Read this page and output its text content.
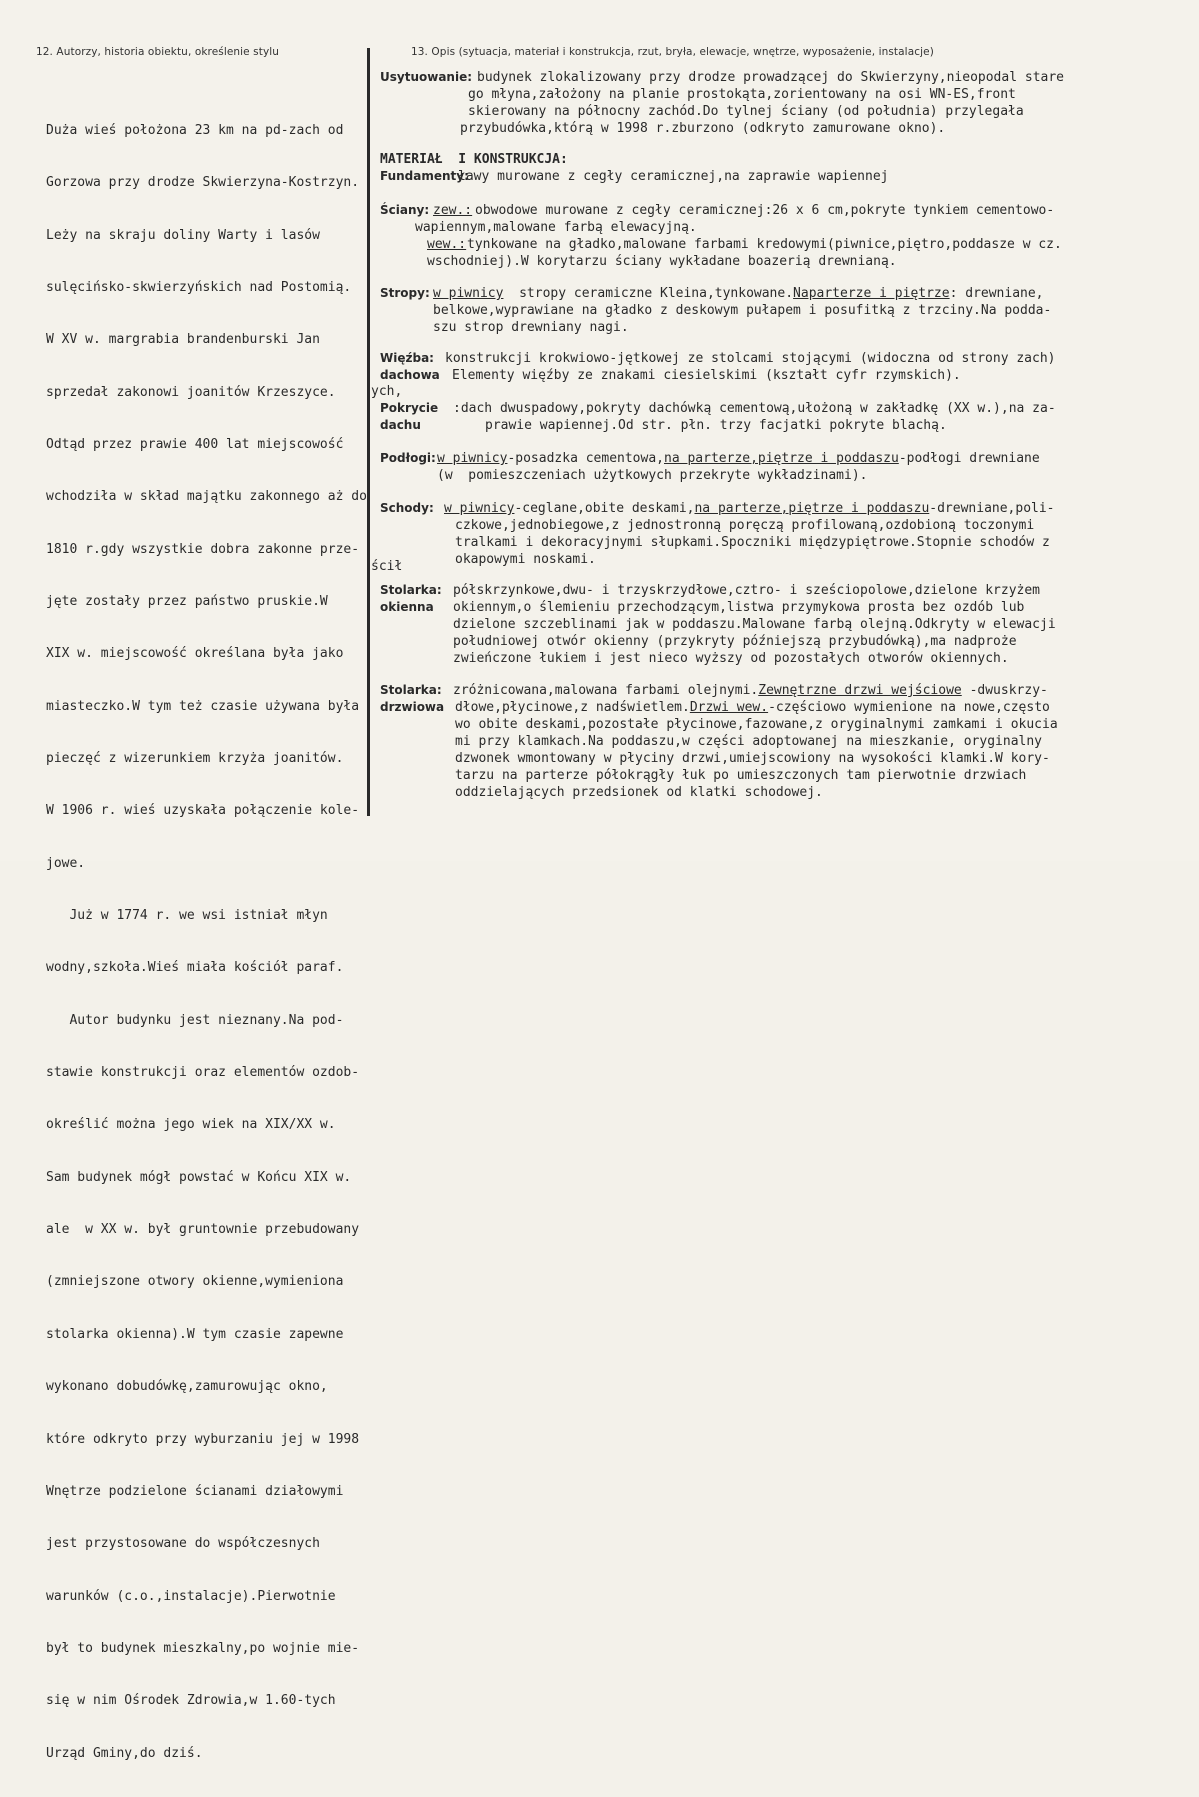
12. Autorzy, historia obiektu, określenie stylu	13. Opis (sytuacja, materiał i konstrukcja, rzut, bryła, elewacje, wnętrze, wyposażenie, instalacje)

Duża wieś położona 23 km na pd-zach od

Gorzowa przy drodze Skwierzyna-Kostrzyn.

Leży na skraju doliny Warty i lasów

sulęcińsko-skwierzyńskich nad Postomią.

W XV w. margrabia brandenburski Jan

sprzedał zakonowi joanitów Krzeszyce.

Odtąd przez prawie 400 lat miejscowość

wchodziła w skład majątku zakonnego aż do

1810 r.gdy wszystkie dobra zakonne prze-

jęte zostały przez państwo pruskie.W

XIX w. miejscowość określana była jako

miasteczko.W tym też czasie używana była

pieczęć z wizerunkiem krzyża joanitów.

W 1906 r. wieś uzyskała połączenie kole-

jowe.

Już w 1774 r. we wsi istniał młyn

wodny,szkoła.Wieś miała kościół paraf.

Autor budynku jest nieznany.Na pod-

stawie konstrukcji oraz elementów ozdob-

określić można jego wiek na XIX/XX w.

Sam budynek mógł powstać w Końcu XIX w.

ale  w XX w. był gruntownie przebudowany

(zmniejszone otwory okienne,wymieniona

stolarka okienna).W tym czasie zapewne

wykonano dobudówkę,zamurowując okno,

które odkryto przy wyburzaniu jej w 1998

Wnętrze podzielone ścianami działowymi

jest przystosowane do współczesnych

warunków (c.o.,instalacje).Pierwotnie

był to budynek mieszkalny,po wojnie mie-

się w nim Ośrodek Zdrowia,w 1.60-tych

Urząd Gminy,do dziś.

ych,
ścił
Usytuowanie: budynek zlokalizowany przy drodze prowadzącej do Skwierzyny,nieopodal stare
go młyna,założony na planie prostokąta,zorientowany na osi WN-ES,front
skierowany na północny zachód.Do tylnej ściany (od południa) przylegała
przybudówka,którą w 1998 r.zburzono (odkryto zamurowane okno).
MATERIAŁ  I KONSTRUKCJA:
Fundamenty:
ławy murowane z cegły ceramicznej,na zaprawie wapiennej
Ściany: zew.: obwodowe murowane z cegły ceramicznej:26 x 6 cm,pokryte tynkiem cementowo-
wapiennym,malowane farbą elewacyjną.
wew.: tynkowane na gładko,malowane farbami kredowymi(piwnice,piętro,poddasze w cz.
wschodniej).W korytarzu ściany wykładane boazerią drewnianą.
Stropy: w piwnicy  stropy ceramiczne Kleina,tynkowane.Naparterze i piętrze: drewniane,
belkowe,wyprawiane na gładko z deskowym pułapem i posufitką z trzciny.Na podda-
szu strop drewniany nagi.
Więźba:
dachowa
konstrukcji krokwiowo-jętkowej ze stolcami stojącymi (widoczna od strony zach)
Elementy więźby ze znakami ciesielskimi (kształt cyfr rzymskich).
Pokrycie
dachu
:dach dwuspadowy,pokryty dachówką cementową,ułożoną w zakładkę (XX w.),na za-
prawie wapiennej.Od str. płn. trzy facjatki pokryte blachą.
Podłogi: w piwnicy-posadzka cementowa,na parterze,piętrze i poddaszu-podłogi drewniane
(w  pomieszczeniach użytkowych przekryte wykładzinami).
Schody: w piwnicy-ceglane,obite deskami,na parterze,piętrze i poddaszu-drewniane,poli-
czkowe,jednobiegowe,z jednostronną poręczą profilowaną,ozdobioną toczonymi
tralkami i dekoracyjnymi słupkami.Spoczniki międzypiętrowe.Stopnie schodów z
okapowymi noskami.
Stolarka:
okienna
półskrzynkowe,dwu- i trzyskrzydłowe,cztro- i sześciopolowe,dzielone krzyżem
okiennym,o ślemieniu przechodzącym,listwa przymykowa prosta bez ozdób lub
dzielone szczeblinami jak w poddaszu.Malowane farbą olejną.Odkryty w elewacji
południowej otwór okienny (przykryty późniejszą przybudówką),ma nadproże
zwieńczone łukiem i jest nieco wyższy od pozostałych otworów okiennych.
Stolarka:
drzwiowa
zróżnicowana,malowana farbami olejnymi.Zewnętrzne drzwi wejściowe -dwuskrzy-
dłowe,płycinowe,z nadświetlem.Drzwi wew.-częściowo wymienione na nowe,często
wo obite deskami,pozostałe płycinowe,fazowane,z oryginalnymi zamkami i okucia
mi przy klamkach.Na poddaszu,w części adoptowanej na mieszkanie, oryginalny
dzwonek wmontowany w płyciny drzwi,umiejscowiony na wysokości klamki.W kory-
tarzu na parterze półokrągły łuk po umieszczonych tam pierwotnie drzwiach
oddzielających przedsionek od klatki schodowej.
